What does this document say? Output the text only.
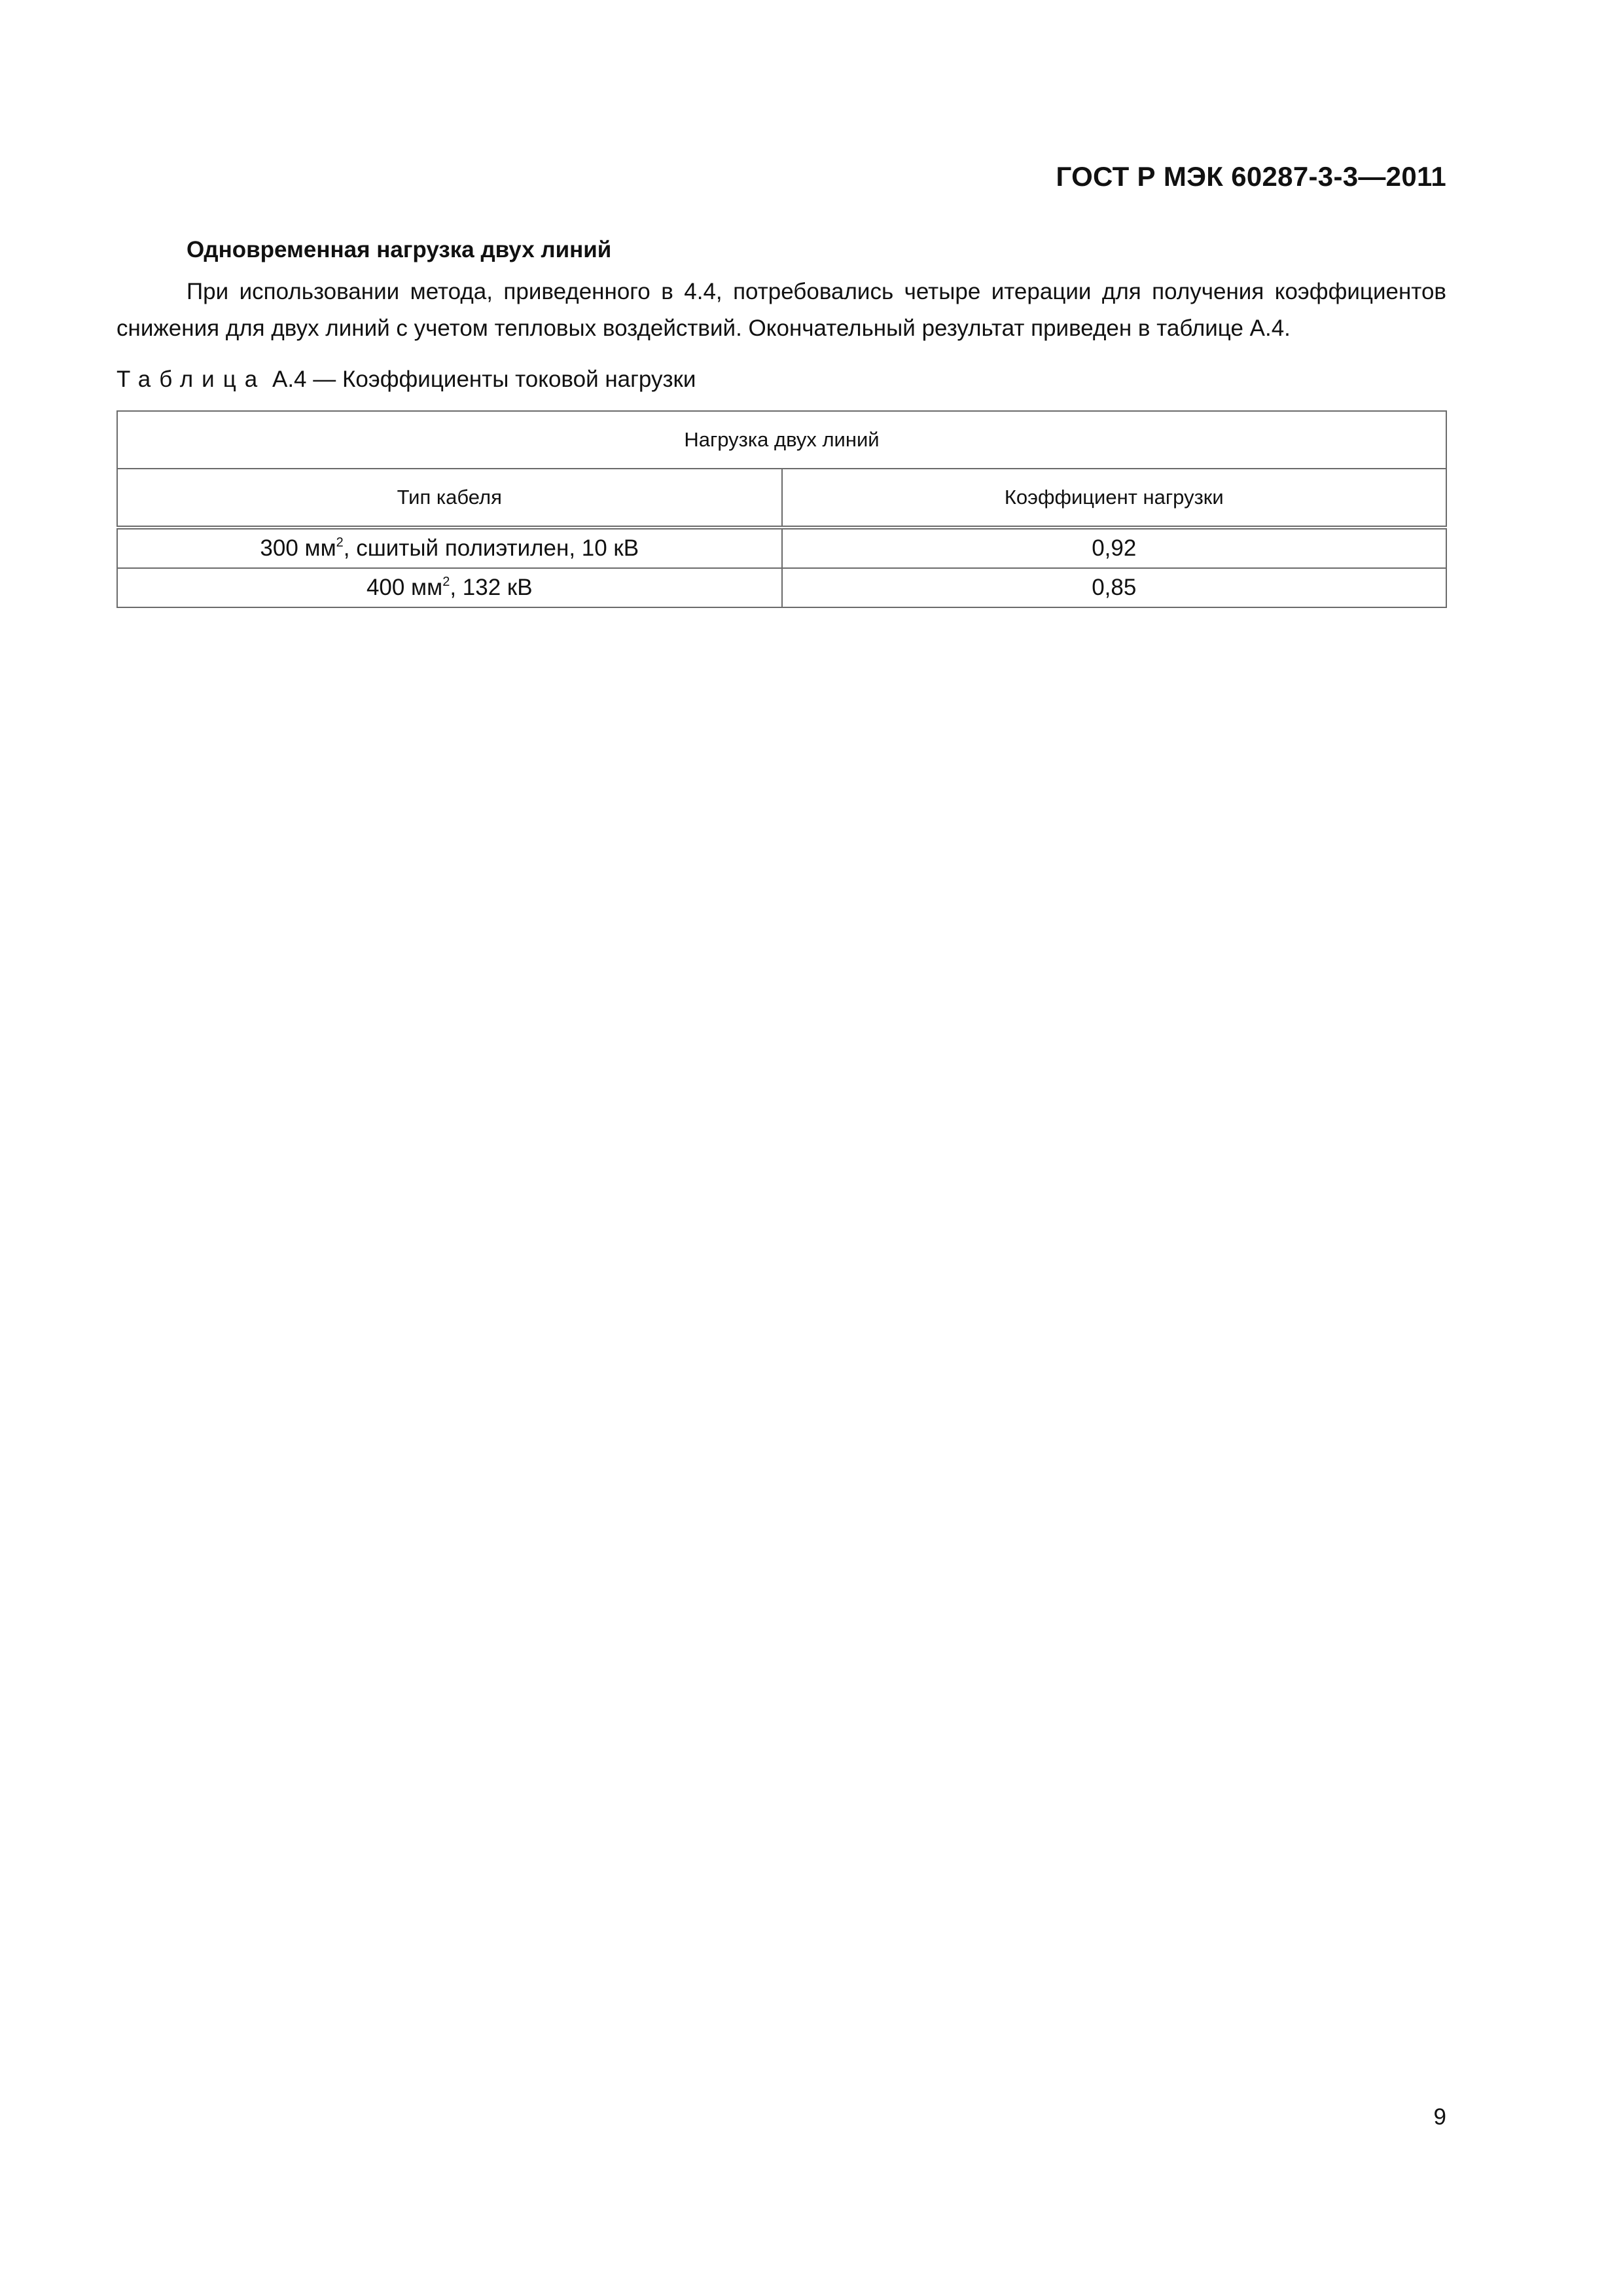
ГОСТ Р МЭК 60287-3-3—2011
Одновременная нагрузка двух линий

При использовании метода, приведенного в 4.4, потребовались четыре итерации для получения коэффициентов снижения для двух линий с учетом тепловых воздействий. Окончательный результат приведен в таблице А.4.

Таблица А.4 — Коэффициенты токовой нагрузки
Нагрузка двух линий	
Тип кабеля	Коэффициент нагрузки
300 $мм^2$, сшитый полиэтилен, 10 кВ	0,92
400 $мм^2$, 132 кВ	0,85
9
